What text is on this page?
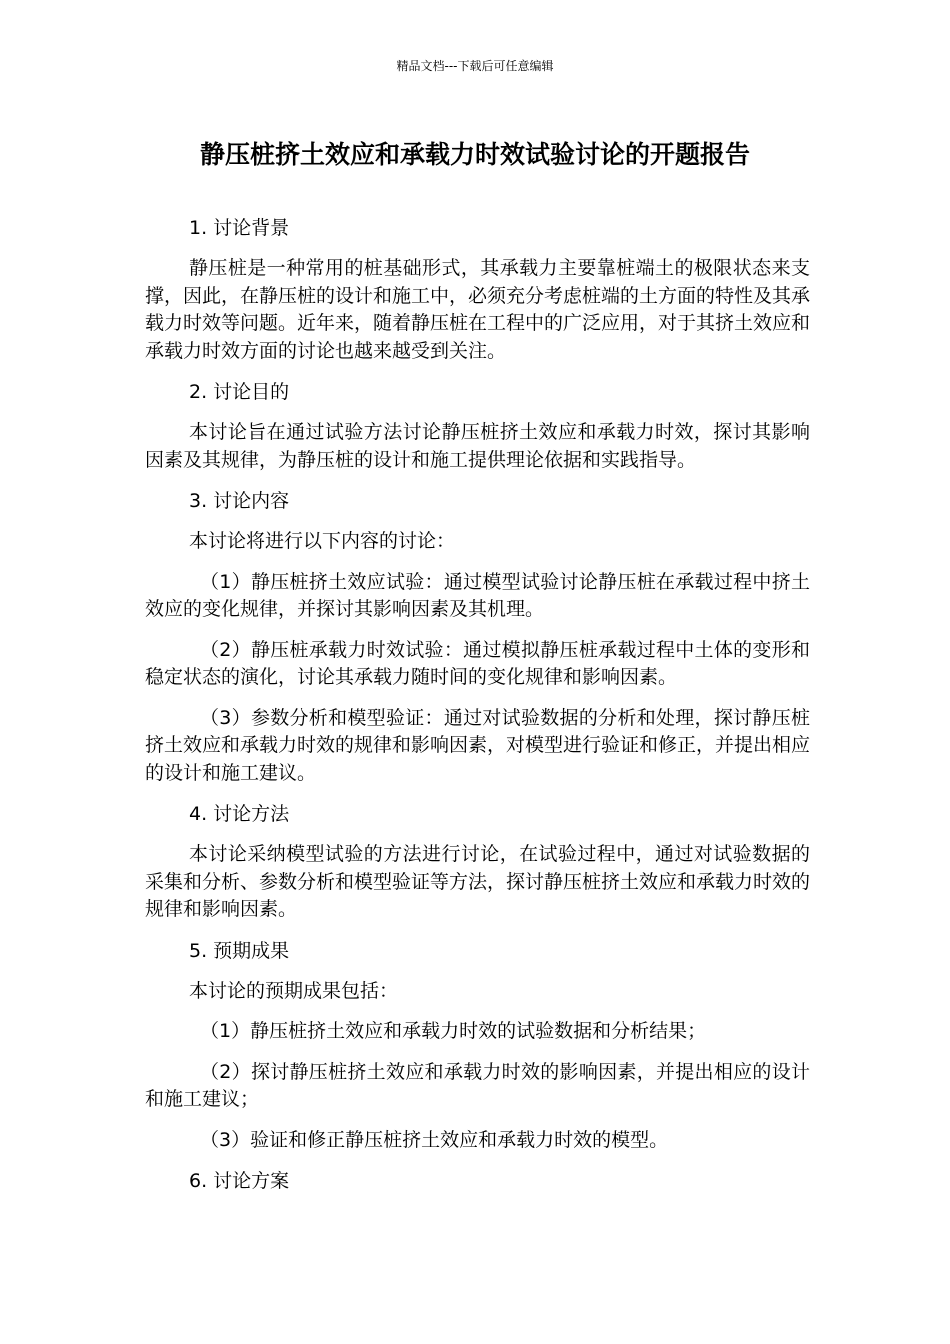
精品文档---下载后可任意编辑
静压桩挤土效应和承载力时效试验讨论的开题报告

1. 讨论背景

静压桩是一种常用的桩基础形式，其承载力主要靠桩端土的极限状态来支撑，因此，在静压桩的设计和施工中，必须充分考虑桩端的土方面的特性及其承载力时效等问题。近年来，随着静压桩在工程中的广泛应用，对于其挤土效应和承载力时效方面的讨论也越来越受到关注。

2. 讨论目的

本讨论旨在通过试验方法讨论静压桩挤土效应和承载力时效，探讨其影响因素及其规律，为静压桩的设计和施工提供理论依据和实践指导。

3. 讨论内容

本讨论将进行以下内容的讨论：

（1）静压桩挤土效应试验：通过模型试验讨论静压桩在承载过程中挤土效应的变化规律，并探讨其影响因素及其机理。

（2）静压桩承载力时效试验：通过模拟静压桩承载过程中土体的变形和稳定状态的演化，讨论其承载力随时间的变化规律和影响因素。

（3）参数分析和模型验证：通过对试验数据的分析和处理，探讨静压桩挤土效应和承载力时效的规律和影响因素，对模型进行验证和修正，并提出相应的设计和施工建议。

4. 讨论方法

本讨论采纳模型试验的方法进行讨论，在试验过程中，通过对试验数据的采集和分析、参数分析和模型验证等方法，探讨静压桩挤土效应和承载力时效的规律和影响因素。

5. 预期成果

本讨论的预期成果包括：

（1）静压桩挤土效应和承载力时效的试验数据和分析结果；

（2）探讨静压桩挤土效应和承载力时效的影响因素，并提出相应的设计和施工建议；

（3）验证和修正静压桩挤土效应和承载力时效的模型。

6. 讨论方案
